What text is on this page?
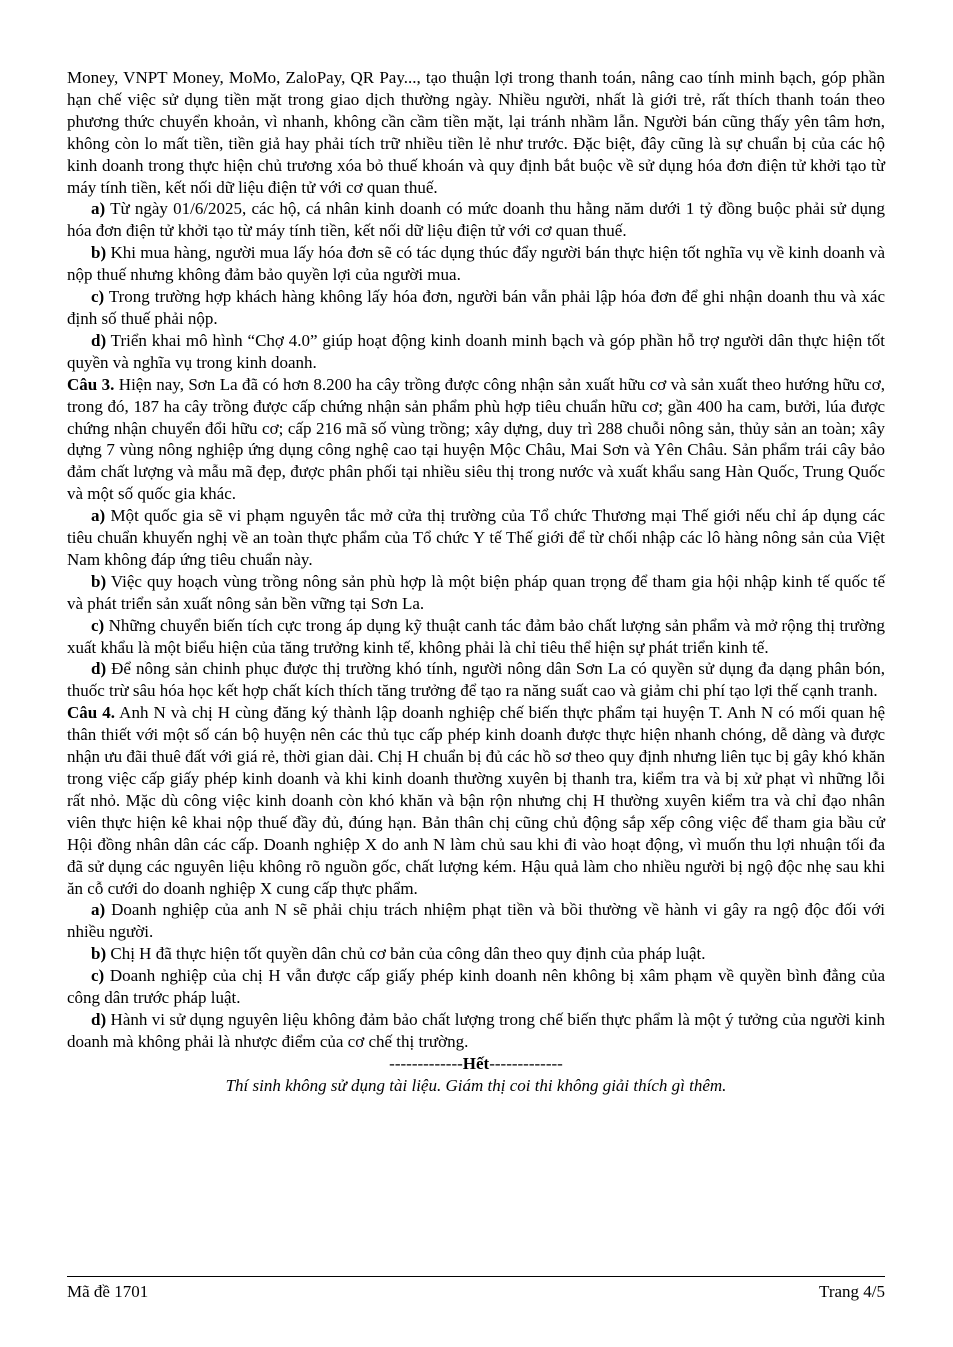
Money, VNPT Money, MoMo, ZaloPay, QR Pay..., tạo thuận lợi trong thanh toán, nâng cao tính minh bạch, góp phần hạn chế việc sử dụng tiền mặt trong giao dịch thường ngày. Nhiều người, nhất là giới trẻ, rất thích thanh toán theo phương thức chuyển khoản, vì nhanh, không cần cầm tiền mặt, lại tránh nhầm lẫn. Người bán cũng thấy yên tâm hơn, không còn lo mất tiền, tiền giả hay phải tích trữ nhiều tiền lẻ như trước. Đặc biệt, đây cũng là sự chuẩn bị của các hộ kinh doanh trong thực hiện chủ trương xóa bỏ thuế khoán và quy định bắt buộc về sử dụng hóa đơn điện tử khởi tạo từ máy tính tiền, kết nối dữ liệu điện tử với cơ quan thuế.

a) Từ ngày 01/6/2025, các hộ, cá nhân kinh doanh có mức doanh thu hằng năm dưới 1 tỷ đồng buộc phải sử dụng hóa đơn điện tử khởi tạo từ máy tính tiền, kết nối dữ liệu điện tử với cơ quan thuế.

b) Khi mua hàng, người mua lấy hóa đơn sẽ có tác dụng thúc đẩy người bán thực hiện tốt nghĩa vụ về kinh doanh và nộp thuế nhưng không đảm bảo quyền lợi của người mua.

c) Trong trường hợp khách hàng không lấy hóa đơn, người bán vẫn phải lập hóa đơn để ghi nhận doanh thu và xác định số thuế phải nộp.

d) Triển khai mô hình “Chợ 4.0” giúp hoạt động kinh doanh minh bạch và góp phần hỗ trợ người dân thực hiện tốt quyền và nghĩa vụ trong kinh doanh.

Câu 3. Hiện nay, Sơn La đã có hơn 8.200 ha cây trồng được công nhận sản xuất hữu cơ và sản xuất theo hướng hữu cơ, trong đó, 187 ha cây trồng được cấp chứng nhận sản phẩm phù hợp tiêu chuẩn hữu cơ; gần 400 ha cam, bưởi, lúa được chứng nhận chuyển đổi hữu cơ; cấp 216 mã số vùng trồng; xây dựng, duy trì 288 chuỗi nông sản, thủy sản an toàn; xây dựng 7 vùng nông nghiệp ứng dụng công nghệ cao tại huyện Mộc Châu, Mai Sơn và Yên Châu. Sản phẩm trái cây bảo đảm chất lượng và mẫu mã đẹp, được phân phối tại nhiều siêu thị trong nước và xuất khẩu sang Hàn Quốc, Trung Quốc và một số quốc gia khác.

a) Một quốc gia sẽ vi phạm nguyên tắc mở cửa thị trường của Tổ chức Thương mại Thế giới nếu chỉ áp dụng các tiêu chuẩn khuyến nghị về an toàn thực phẩm của Tổ chức Y tế Thế giới để từ chối nhập các lô hàng nông sản của Việt Nam không đáp ứng tiêu chuẩn này.

b) Việc quy hoạch vùng trồng nông sản phù hợp là một biện pháp quan trọng để tham gia hội nhập kinh tế quốc tế và phát triển sản xuất nông sản bền vững tại Sơn La.

c) Những chuyển biến tích cực trong áp dụng kỹ thuật canh tác đảm bảo chất lượng sản phẩm và mở rộng thị trường xuất khẩu là một biểu hiện của tăng trưởng kinh tế, không phải là chỉ tiêu thể hiện sự phát triển kinh tế.

d) Để nông sản chinh phục được thị trường khó tính, người nông dân Sơn La có quyền sử dụng đa dạng phân bón, thuốc trừ sâu hóa học kết hợp chất kích thích tăng trưởng để tạo ra năng suất cao và giảm chi phí tạo lợi thế cạnh tranh.

Câu 4. Anh N và chị H cùng đăng ký thành lập doanh nghiệp chế biến thực phẩm tại huyện T. Anh N có mối quan hệ thân thiết với một số cán bộ huyện nên các thủ tục cấp phép kinh doanh được thực hiện nhanh chóng, dễ dàng và được nhận ưu đãi thuê đất với giá rẻ, thời gian dài. Chị H chuẩn bị đủ các hồ sơ theo quy định nhưng liên tục bị gây khó khăn trong việc cấp giấy phép kinh doanh và khi kinh doanh thường xuyên bị thanh tra, kiểm tra và bị xử phạt vì những lỗi rất nhỏ. Mặc dù công việc kinh doanh còn khó khăn và bận rộn nhưng chị H thường xuyên kiểm tra và chỉ đạo nhân viên thực hiện kê khai nộp thuế đầy đủ, đúng hạn. Bản thân chị cũng chủ động sắp xếp công việc để tham gia bầu cử Hội đồng nhân dân các cấp. Doanh nghiệp X do anh N làm chủ sau khi đi vào hoạt động, vì muốn thu lợi nhuận tối đa đã sử dụng các nguyên liệu không rõ nguồn gốc, chất lượng kém. Hậu quả làm cho nhiều người bị ngộ độc nhẹ sau khi ăn cỗ cưới do doanh nghiệp X cung cấp thực phẩm.

a) Doanh nghiệp của anh N sẽ phải chịu trách nhiệm phạt tiền và bồi thường về hành vi gây ra ngộ độc đối với nhiều người.

b) Chị H đã thực hiện tốt quyền dân chủ cơ bản của công dân theo quy định của pháp luật.

c) Doanh nghiệp của chị H vẫn được cấp giấy phép kinh doanh nên không bị xâm phạm về quyền bình đẳng của công dân trước pháp luật.

d) Hành vi sử dụng nguyên liệu không đảm bảo chất lượng trong chế biến thực phẩm là một ý tưởng của người kinh doanh mà không phải là nhược điểm của cơ chế thị trường.

-------------Hết-------------

Thí sinh không sử dụng tài liệu. Giám thị coi thi không giải thích gì thêm.

Mã đề 1701	Trang 4/5
